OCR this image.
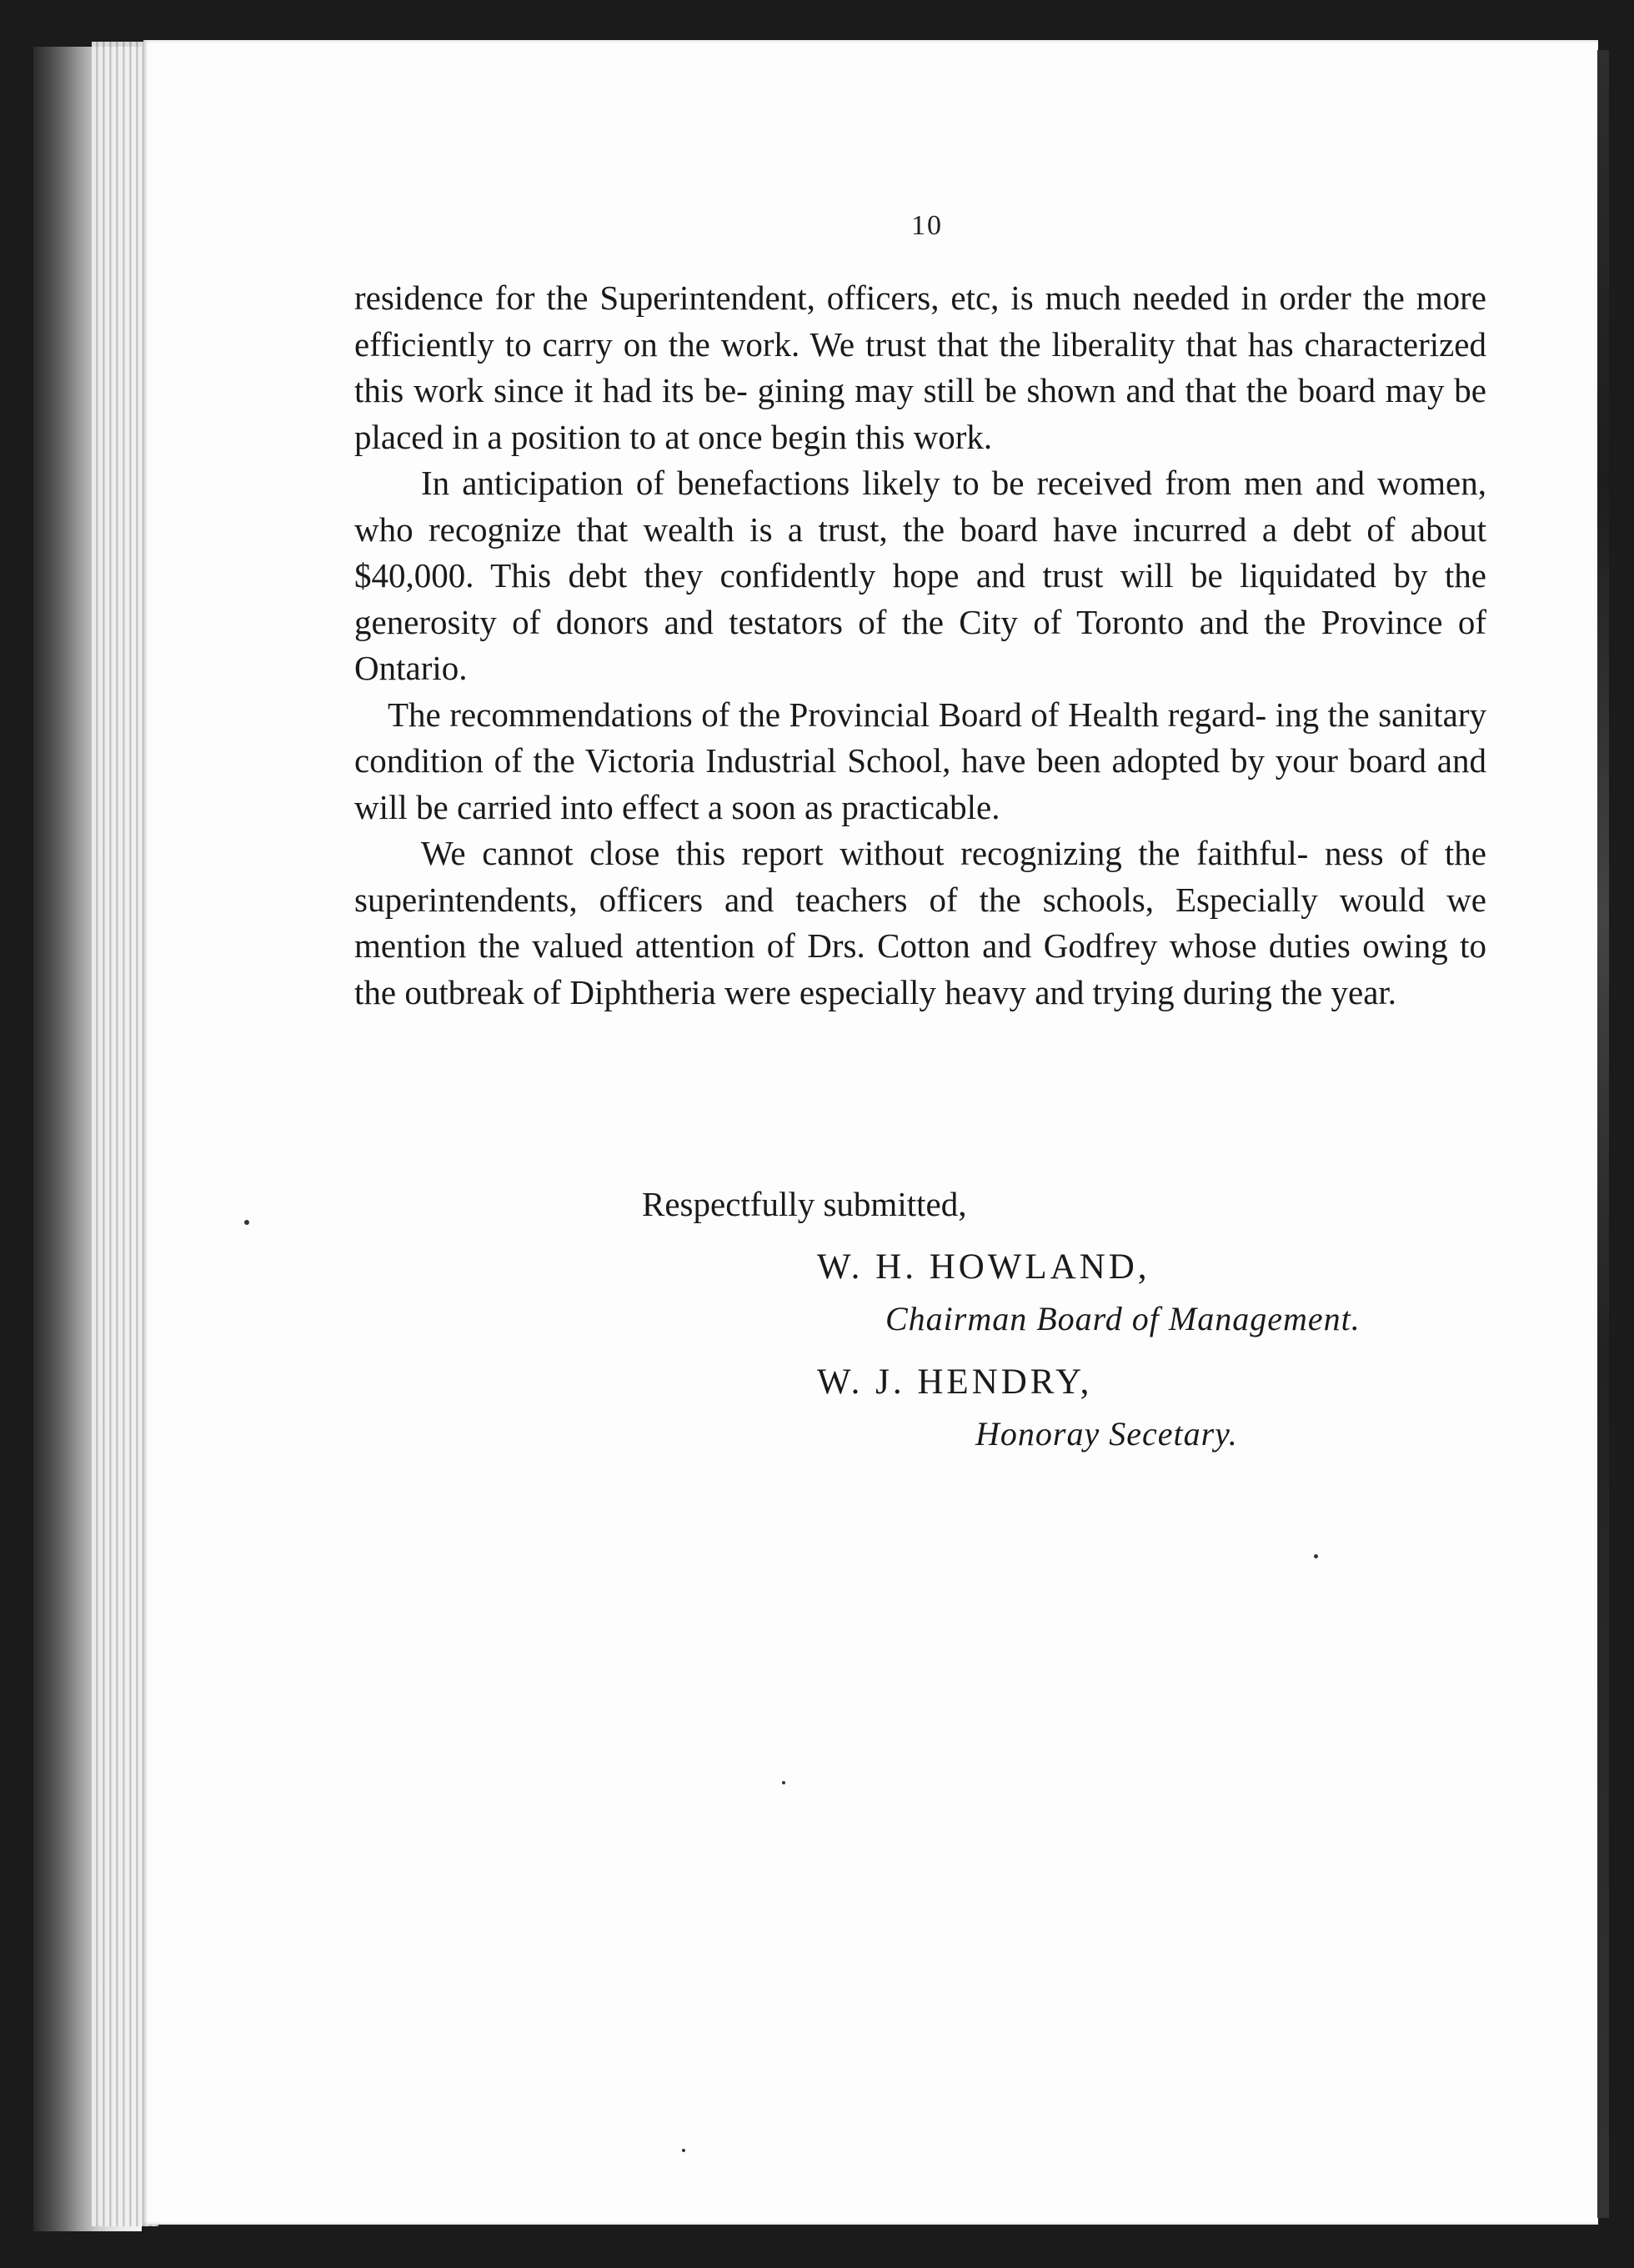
10

residence for the Superintendent, officers, etc, is much needed in order the more efficiently to carry on the work. We trust that the liberality that has characterized this work since it had its be- gining may still be shown and that the board may be placed in a position to at once begin this work.

In anticipation of benefactions likely to be received from men and women, who recognize that wealth is a trust, the board have incurred a debt of about $40,000. This debt they confidently hope and trust will be liquidated by the generosity of donors and testators of the City of Toronto and the Province of Ontario.

The recommendations of the Provincial Board of Health regard- ing the sanitary condition of the Victoria Industrial School, have been adopted by your board and will be carried into effect a soon as practicable.

We cannot close this report without recognizing the faithful- ness of the superintendents, officers and teachers of the schools, Especially would we mention the valued attention of Drs. Cotton and Godfrey whose duties owing to the outbreak of Diphtheria were especially heavy and trying during the year.

Respectfully submitted,

W. H. HOWLAND,

Chairman Board of Management.

W. J. HENDRY,

Honoray Secetary.
